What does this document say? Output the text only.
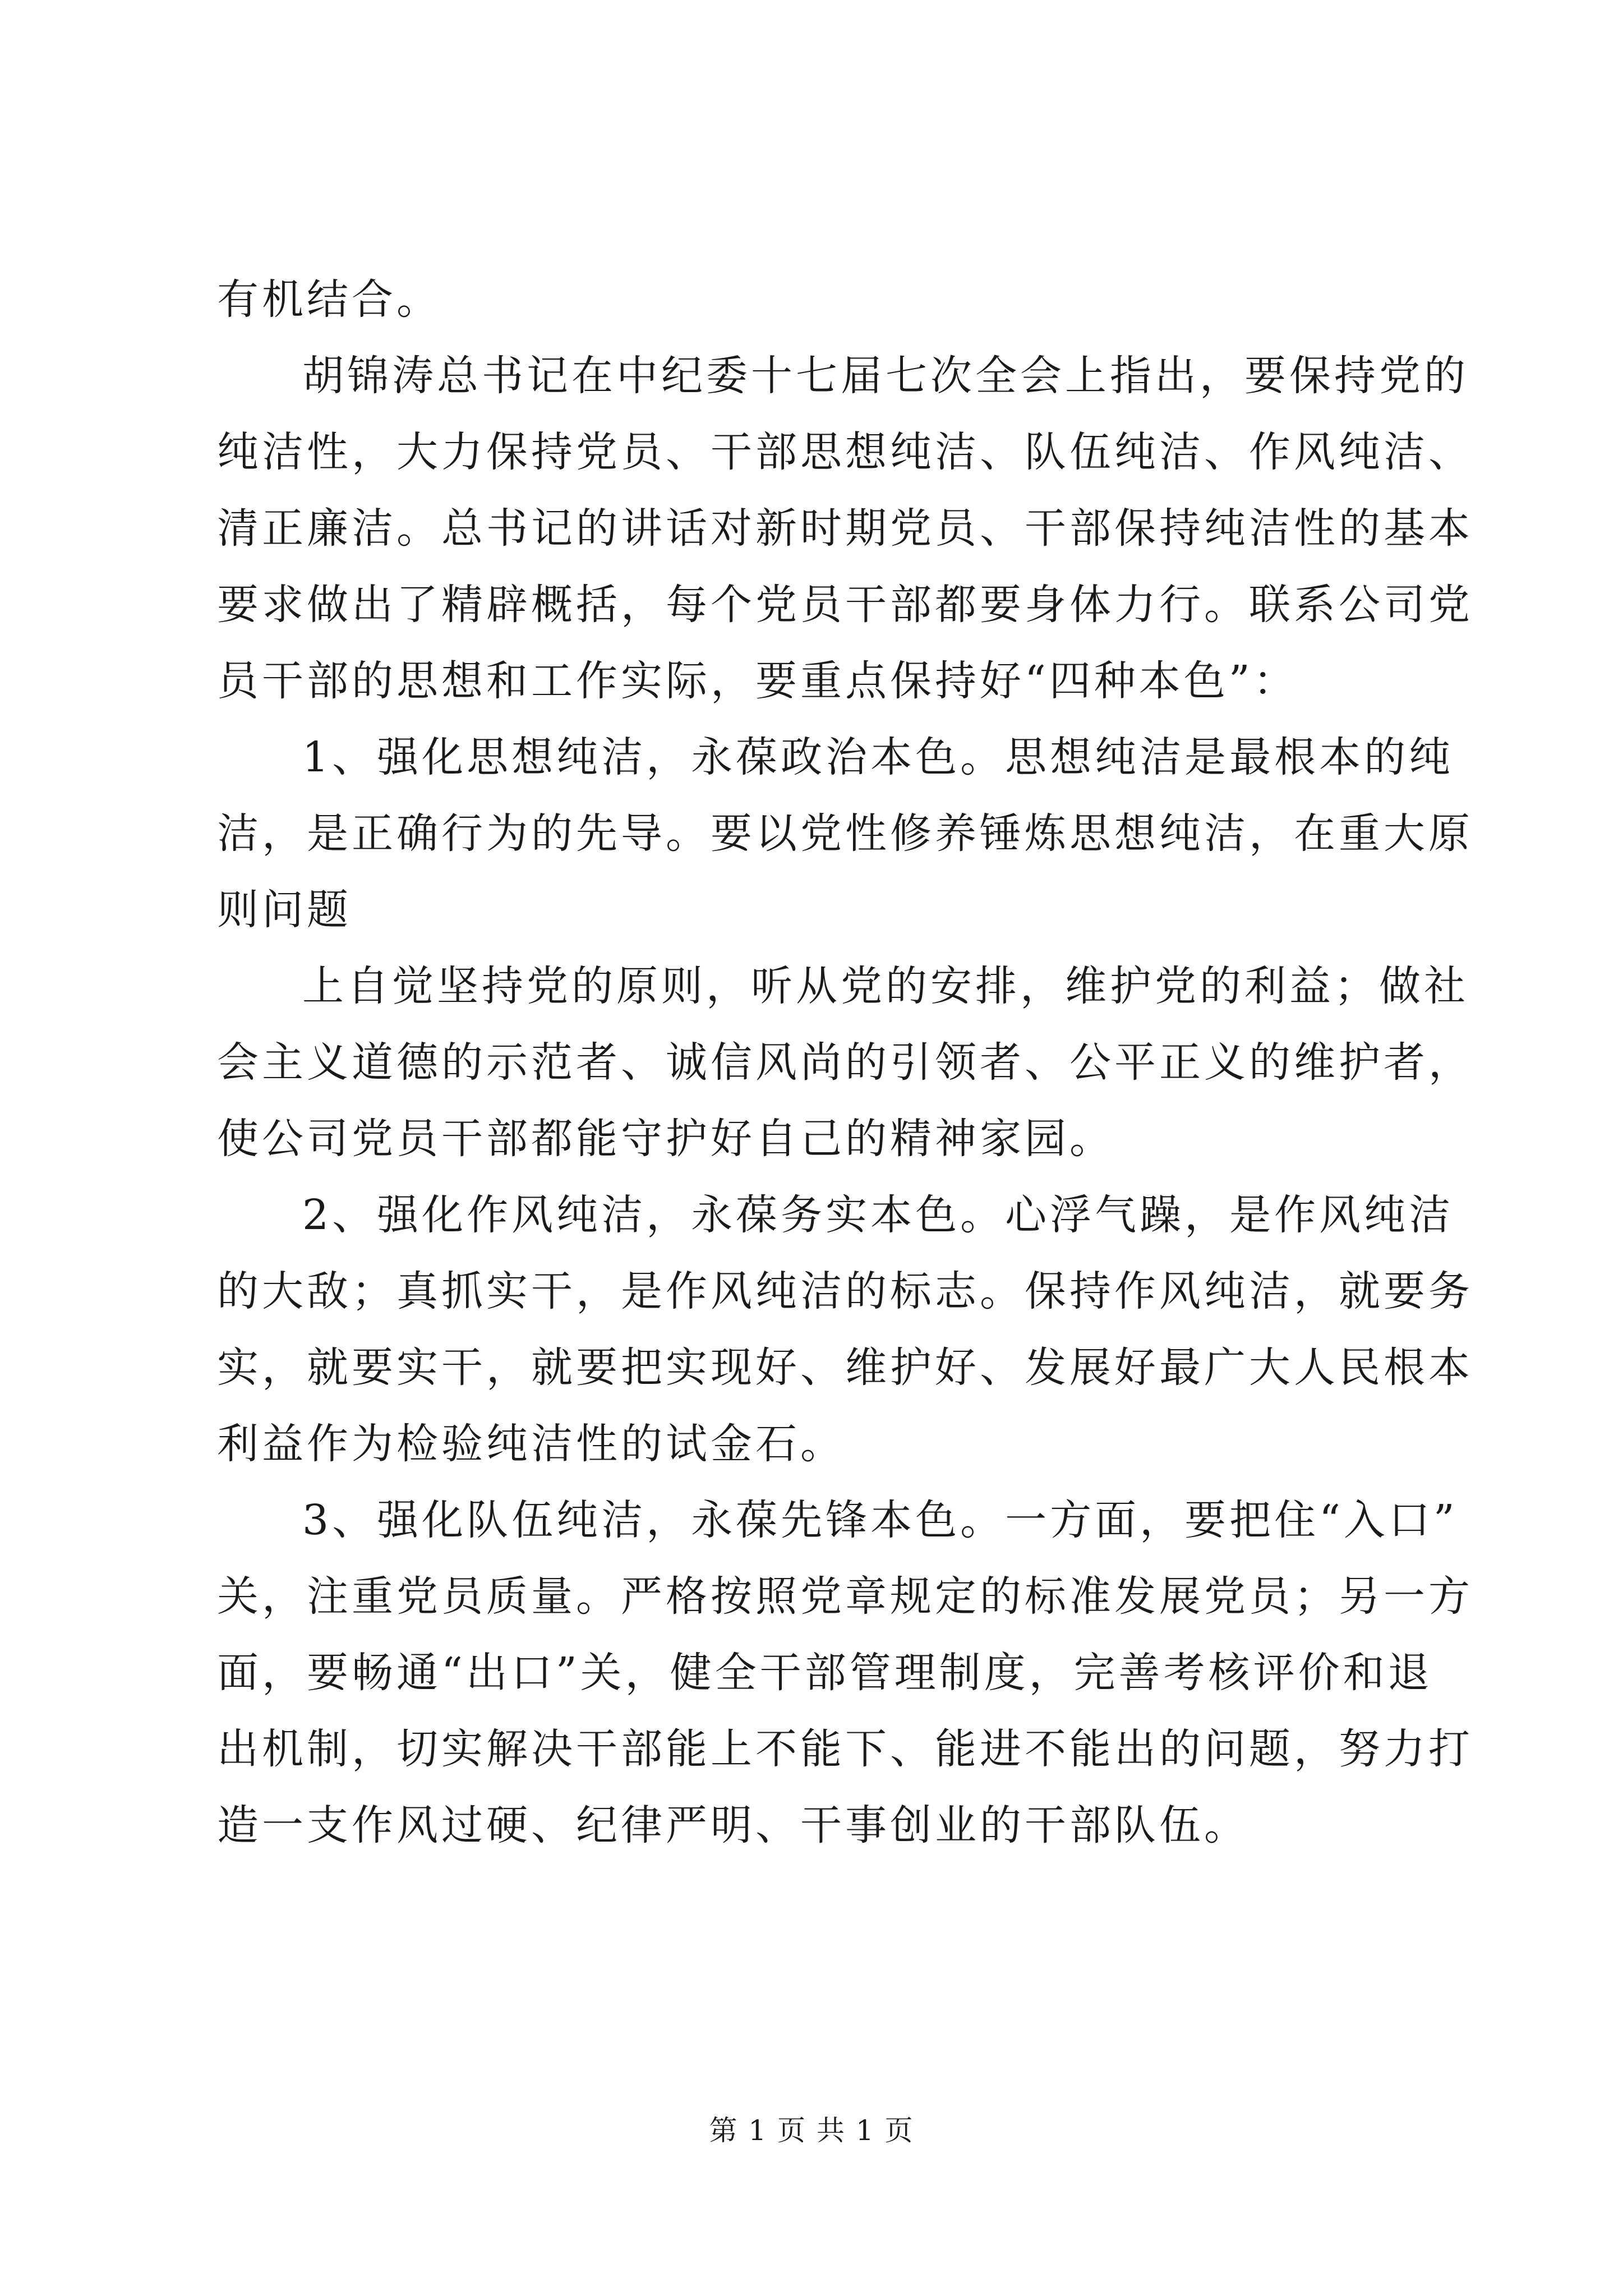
有机结合。
胡锦涛总书记在中纪委十七届七次全会上指出，要保持党的
纯洁性，大力保持党员、干部思想纯洁、队伍纯洁、作风纯洁、
清正廉洁。总书记的讲话对新时期党员、干部保持纯洁性的基本
要求做出了精辟概括，每个党员干部都要身体力行。联系公司党
员干部的思想和工作实际，要重点保持好“四种本色”：
1、强化思想纯洁，永葆政治本色。思想纯洁是最根本的纯
洁，是正确行为的先导。要以党性修养锤炼思想纯洁，在重大原
则问题
上自觉坚持党的原则，听从党的安排，维护党的利益；做社
会主义道德的示范者、诚信风尚的引领者、公平正义的维护者，
使公司党员干部都能守护好自己的精神家园。
2、强化作风纯洁，永葆务实本色。心浮气躁，是作风纯洁
的大敌；真抓实干，是作风纯洁的标志。保持作风纯洁，就要务
实，就要实干，就要把实现好、维护好、发展好最广大人民根本
利益作为检验纯洁性的试金石。
3、强化队伍纯洁，永葆先锋本色。一方面，要把住“入口”
关，注重党员质量。严格按照党章规定的标准发展党员；另一方
面，要畅通“出口”关，健全干部管理制度，完善考核评价和退
出机制，切实解决干部能上不能下、能进不能出的问题，努力打
造一支作风过硬、纪律严明、干事创业的干部队伍。
第 1 页 共 1 页
